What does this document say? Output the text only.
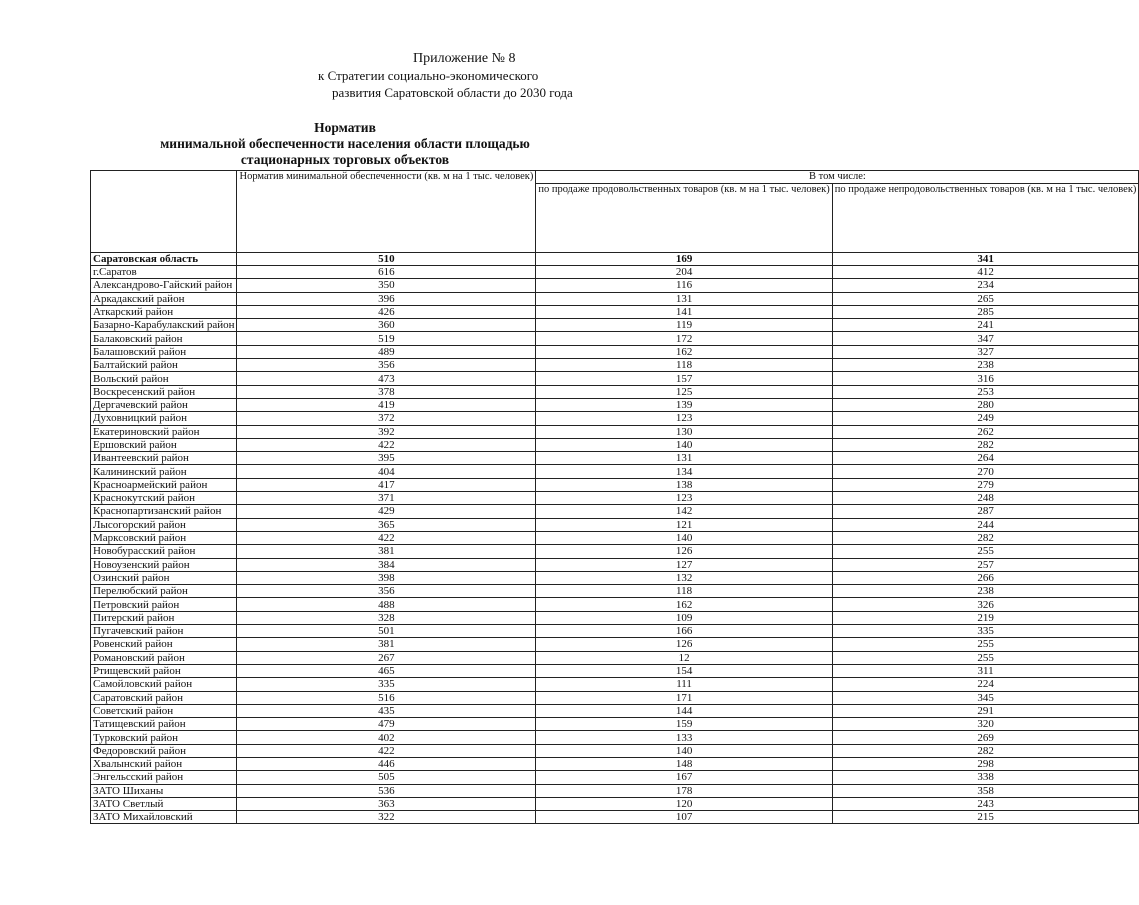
Приложение № 8
к Стратегии социально-экономического
развития Саратовской области до 2030 года
Норматив
минимальной обеспеченности населения области площадью
стационарных торговых объектов
	Норматив минимальной обеспеченности (кв. м на 1 тыс. человек)	В том числе:	
		по продаже продовольственных товаров (кв. м на 1 тыс. человек)	по продаже непродовольственных товаров (кв. м на 1 тыс. человек)
Саратовская область	510	169	341
г.Саратов	616	204	412
Александрово-Гайский район	350	116	234
Аркадакский район	396	131	265
Аткарский район	426	141	285
Базарно-Карабулакский район	360	119	241
Балаковский район	519	172	347
Балашовский район	489	162	327
Балтайский район	356	118	238
Вольский район	473	157	316
Воскресенский район	378	125	253
Дергачевский район	419	139	280
Духовницкий район	372	123	249
Екатериновский район	392	130	262
Ершовский район	422	140	282
Ивантеевский район	395	131	264
Калининский район	404	134	270
Красноармейский район	417	138	279
Краснокутский район	371	123	248
Краснопартизанский район	429	142	287
Лысогорский район	365	121	244
Марксовский район	422	140	282
Новобурасский район	381	126	255
Новоузенский район	384	127	257
Озинский район	398	132	266
Перелюбский район	356	118	238
Петровский район	488	162	326
Питерский район	328	109	219
Пугачевский район	501	166	335
Ровенский район	381	126	255
Романовский район	267	12	255
Ртищевский район	465	154	311
Самойловский район	335	111	224
Саратовский район	516	171	345
Советский район	435	144	291
Татищевский район	479	159	320
Турковский район	402	133	269
Федоровский район	422	140	282
Хвалынский район	446	148	298
Энгельсский район	505	167	338
ЗАТО Шиханы	536	178	358
ЗАТО Светлый	363	120	243
ЗАТО Михайловский	322	107	215
